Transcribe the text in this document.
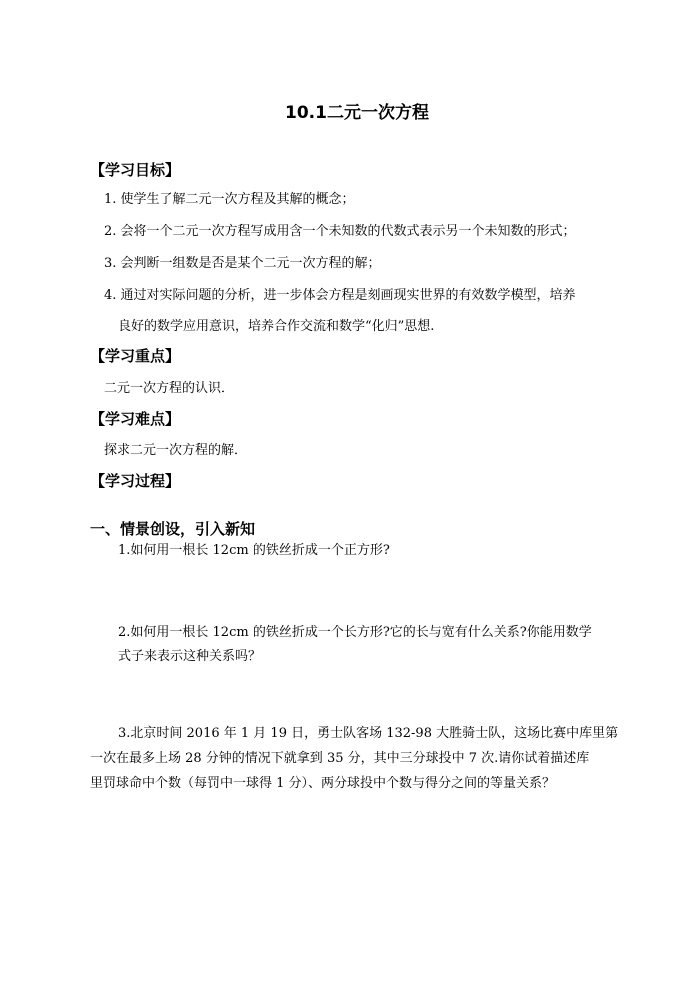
10.1二元一次方程
【学习目标】
1. 使学生了解二元一次方程及其解的概念；
2. 会将一个二元一次方程写成用含一个未知数的代数式表示另一个未知数的形式；
3. 会判断一组数是否是某个二元一次方程的解；
4. 通过对实际问题的分析，进一步体会方程是刻画现实世界的有效数学模型，培养
良好的数学应用意识，培养合作交流和数学“化归”思想.
【学习重点】
二元一次方程的认识．
【学习难点】
探求二元一次方程的解．
【学习过程】
一、情景创设，引入新知
1.如何用一根长 12cm 的铁丝折成一个正方形?
2.如何用一根长 12cm 的铁丝折成一个长方形?它的长与宽有什么关系?你能用数学
式子来表示这种关系吗？
3.北京时间 2016 年 1 月 19 日，勇士队客场 132-98 大胜骑士队，这场比赛中库里第
一次在最多上场 28 分钟的情况下就拿到 35 分，其中三分球投中 7 次.请你试着描述库
里罚球命中个数（每罚中一球得 1 分）、两分球投中个数与得分之间的等量关系？
